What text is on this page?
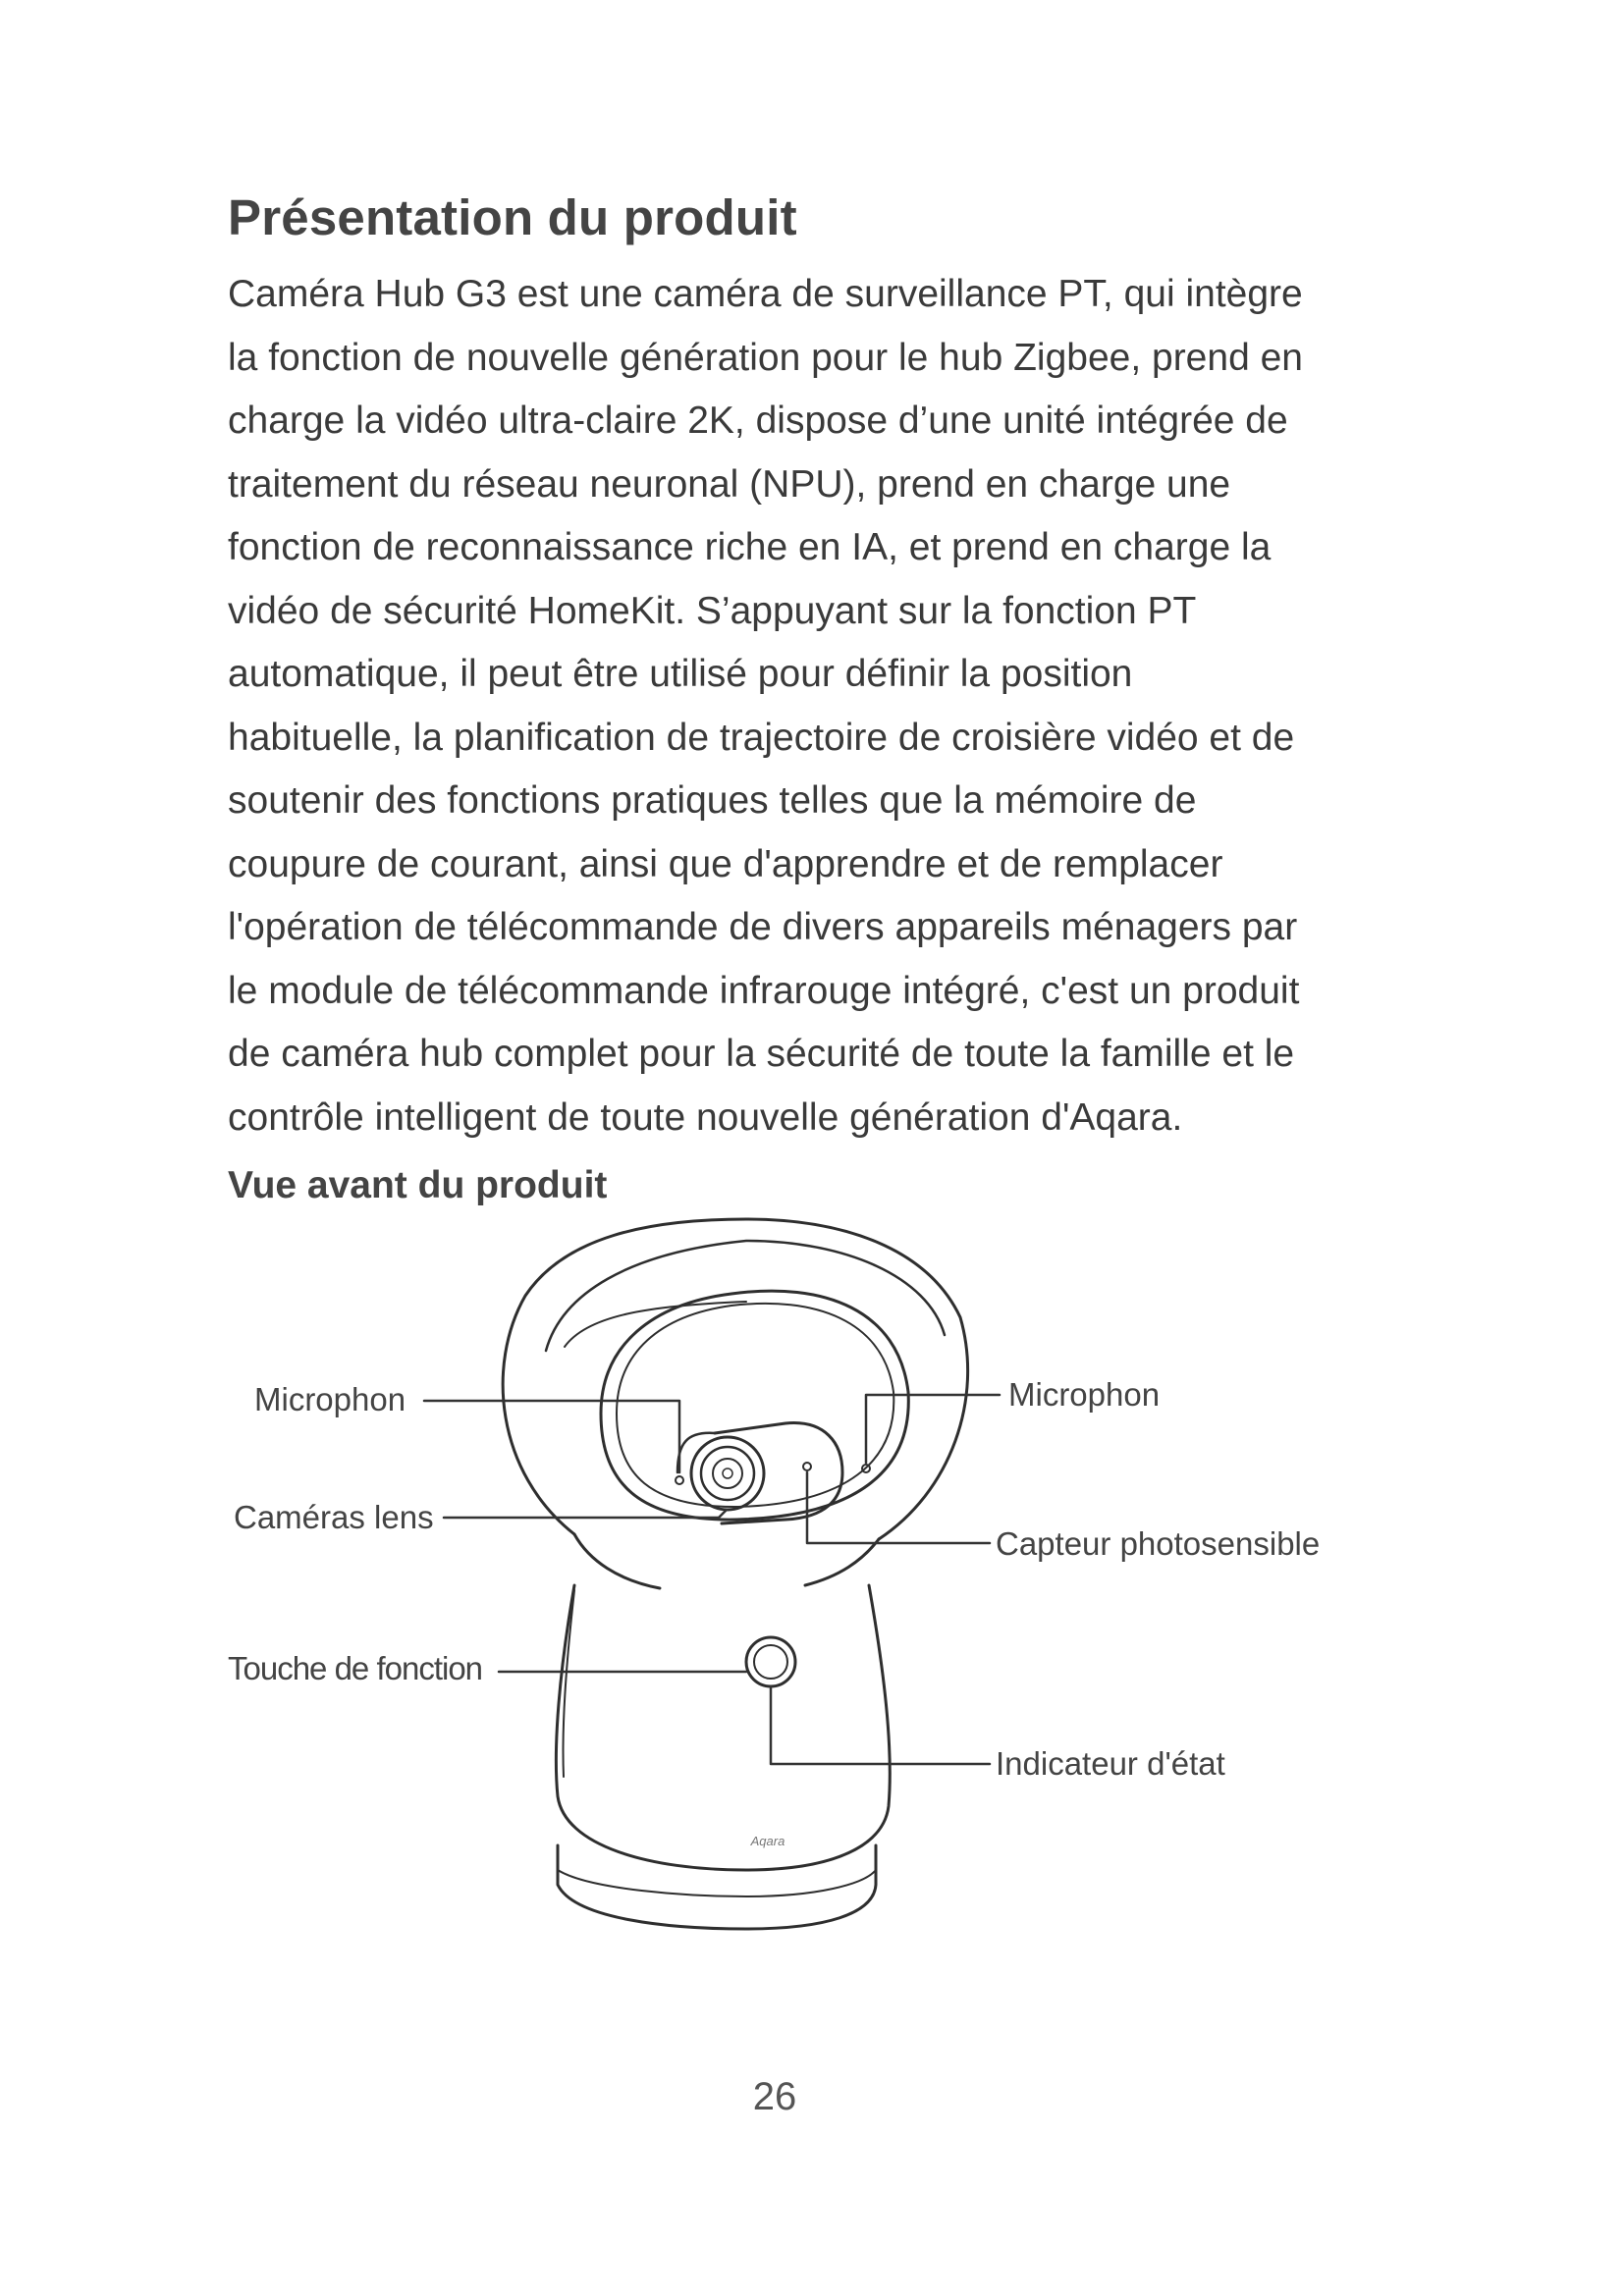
Présentation du produit
Caméra Hub G3 est une caméra de surveillance PT, qui intègre
la fonction de nouvelle génération pour le hub Zigbee, prend en
charge la vidéo ultra-claire 2K, dispose d’une unité intégrée de
traitement du réseau neuronal (NPU), prend en charge une
fonction de reconnaissance riche en IA, et prend en charge la
vidéo de sécurité HomeKit. S’appuyant sur la fonction PT
automatique, il peut être utilisé pour définir la position
habituelle, la planification de trajectoire de croisière vidéo et de
soutenir des fonctions pratiques telles que la mémoire de
coupure de courant, ainsi que d'apprendre et de remplacer
l'opération de télécommande de divers appareils ménagers par
le module de télécommande infrarouge intégré, c'est un produit
de caméra hub complet pour la sécurité de toute la famille et le
contrôle intelligent de toute nouvelle génération d'Aqara.
Vue avant du produit
Aqara
Microphon
Caméras lens
Touche de fonction
Microphon
Capteur photosensible
Indicateur d'état
26
